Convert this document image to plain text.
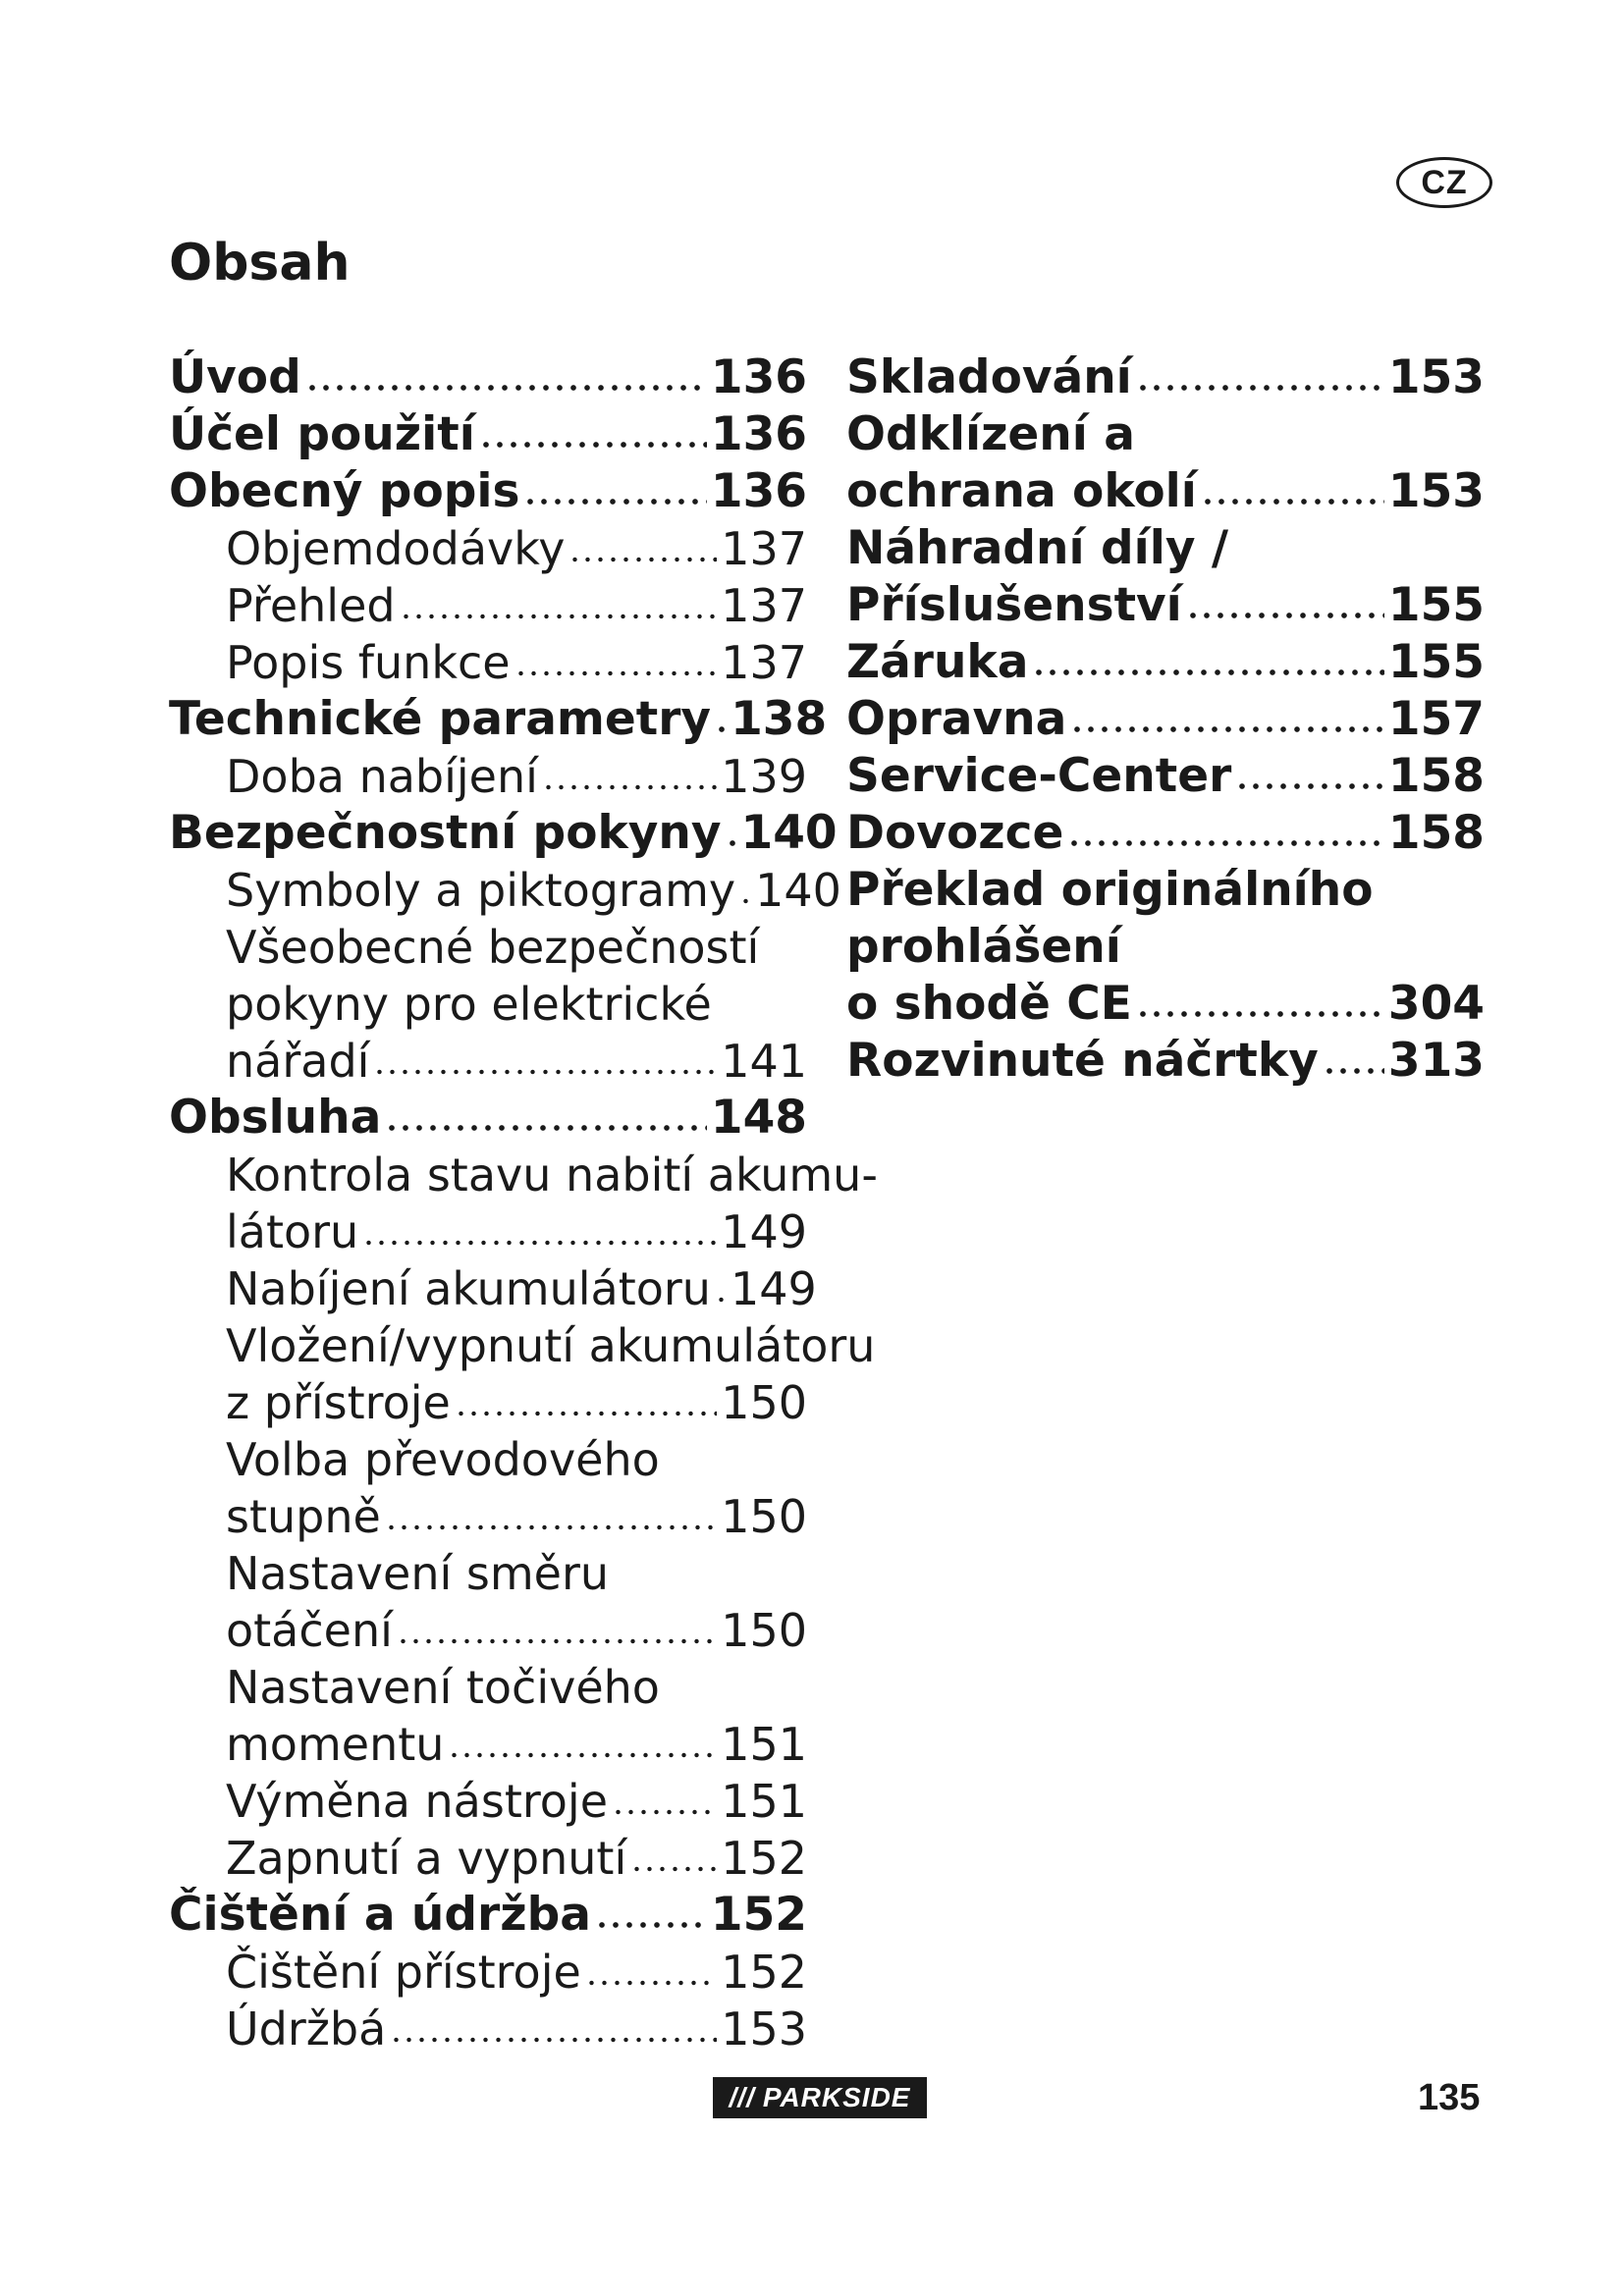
CZ
Obsah
Úvod	136
Účel použití	136
Obecný popis	136
Objemdodávky	137
Přehled	137
Popis funkce	137
Technické parametry 138
Doba nabíjení	139
Bezpečnostní pokyny 140
Symboly a piktogramy 140
Všeobecné bezpečností
pokyny pro elektrické
nářadí	141
Obsluha	148
Kontrola stavu nabití akumu-
látoru	149
Nabíjení akumulátoru 149
Vložení/vypnutí akumulátoru
z přístroje	150
Volba převodového
stupně	150
Nastavení směru
otáčení	150
Nastavení točivého
momentu	151
Výměna nástroje	151
Zapnutí a vypnutí 152
Čištění a údržba	152
Čištění přístroje	152
Údržbá	153
Skladování	153
Odklízení a
ochrana okolí	153
Náhradní díly /
Příslušenství	155
Záruka	155
Opravna	157
Service-Center	158
Dovozce	158
Překlad originálního
prohlášení
o shodě CE	304
Rozvinuté náčrtky 313
/// PARKSIDE	135
